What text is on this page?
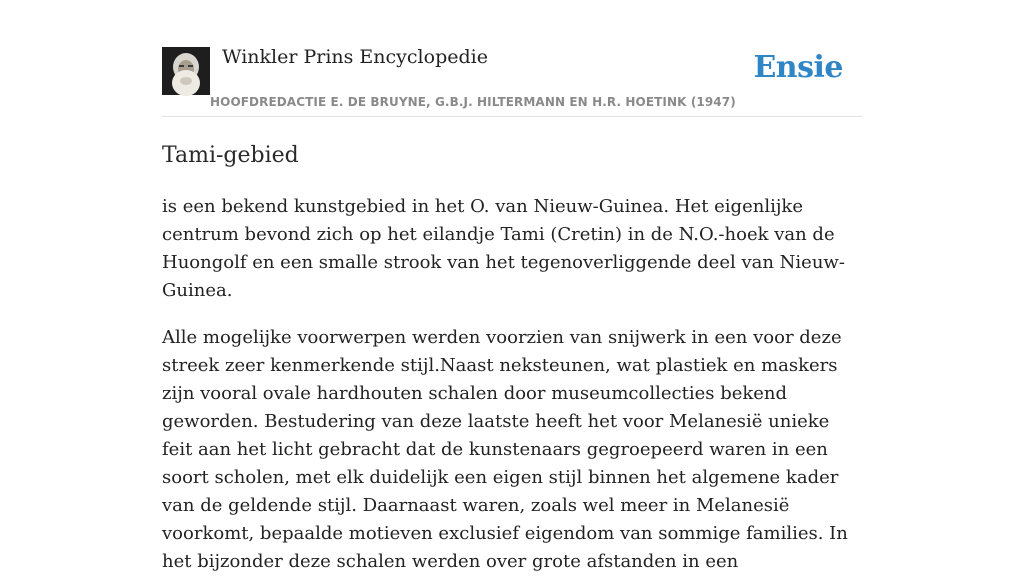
Winkler Prins Encyclopedie
HOOFDREDACTIE E. DE BRUYNE, G.B.J. HILTERMANN EN H.R. HOETINK (1947)
Ensie
Tami-gebied

is een bekend kunstgebied in het O. van Nieuw-Guinea. Het eigenlijke centrum bevond zich op het eilandje Tami (Cretin) in de N.O.-hoek van de Huongolf en een smalle strook van het tegenoverliggende deel van Nieuw-Guinea.

Alle mogelijke voorwerpen werden voorzien van snijwerk in een voor deze streek zeer kenmerkende stijl.Naast neksteunen, wat plastiek en maskers zijn vooral ovale hardhouten schalen door museumcollecties bekend geworden. Bestudering van deze laatste heeft het voor Melanesië unieke feit aan het licht gebracht dat de kunstenaars gegroepeerd waren in een soort scholen, met elk duidelijk een eigen stijl binnen het algemene kader van de geldende stijl. Daarnaast waren, zoals wel meer in Melanesië voorkomt, bepaalde motieven exclusief eigendom van sommige families. In het bijzonder deze schalen werden over grote afstanden in een
